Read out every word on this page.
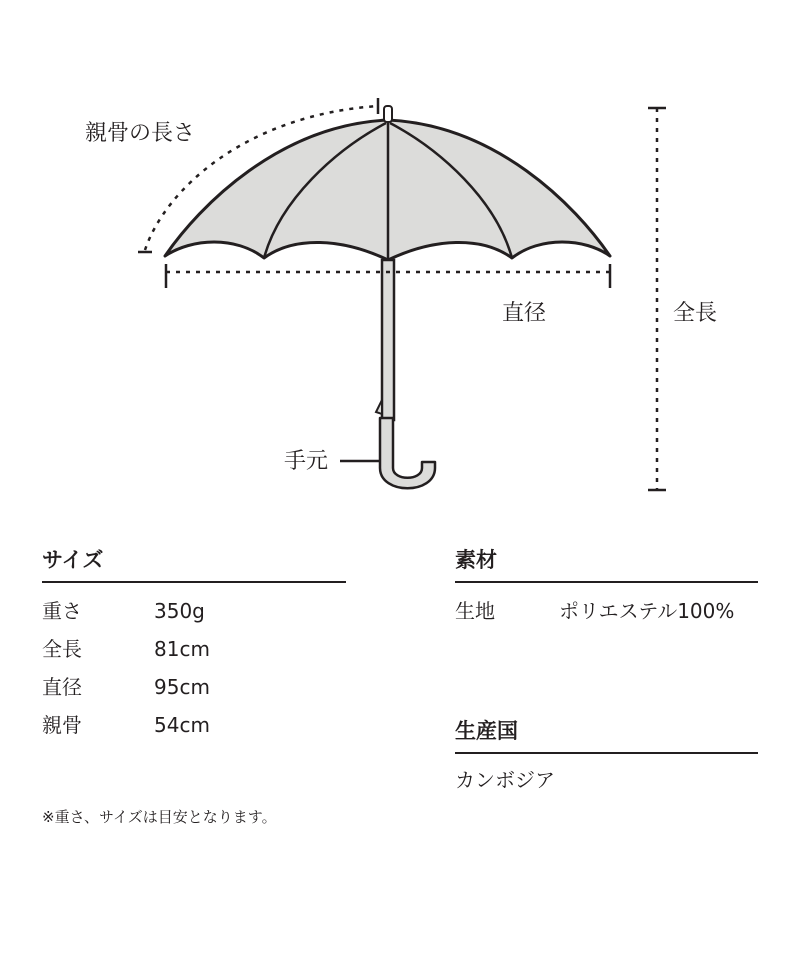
親骨の長さ
直径	全長
手元
サイズ
重さ	350g
全長	81cm
直径	95cm
親骨	54cm
※重さ、サイズは目安となります。
素材
生地	ポリエステル100%
生産国
カンボジア
